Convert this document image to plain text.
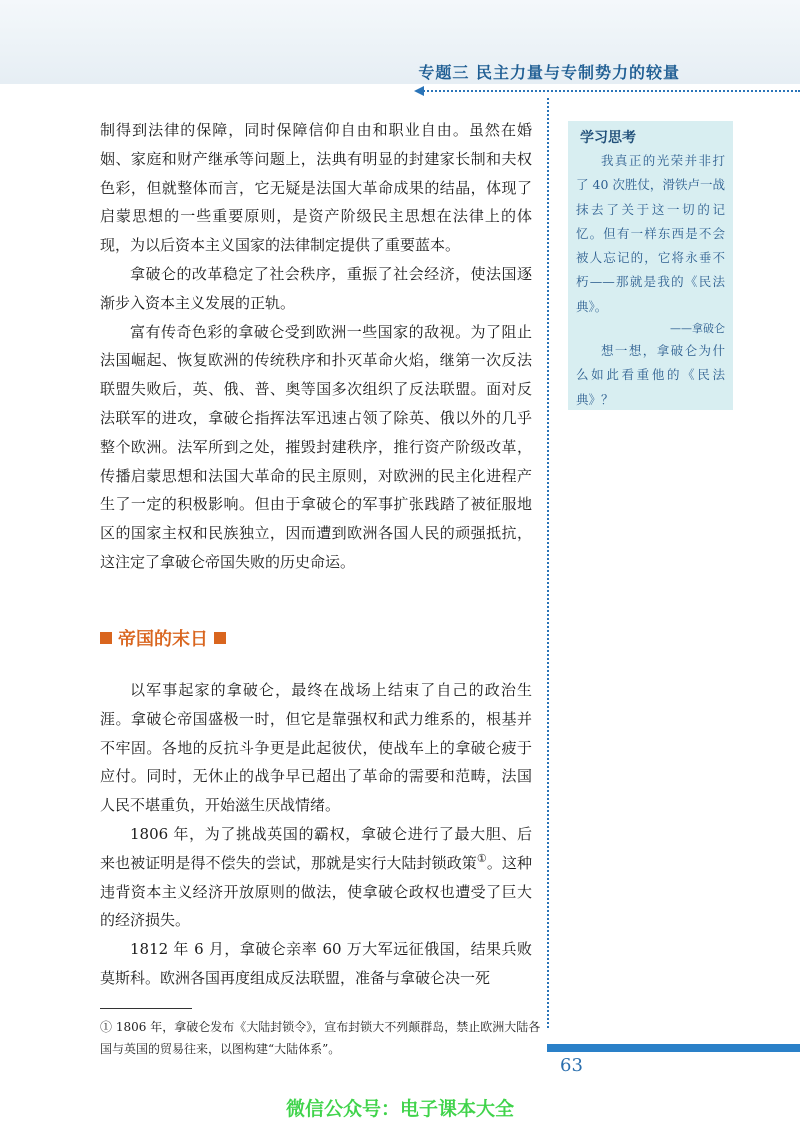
专题三 民主力量与专制势力的较量

制得到法律的保障，同时保障信仰自由和职业自由。虽然在婚姻、家庭和财产继承等问题上，法典有明显的封建家长制和夫权色彩，但就整体而言，它无疑是法国大革命成果的结晶，体现了启蒙思想的一些重要原则，是资产阶级民主思想在法律上的体现，为以后资本主义国家的法律制定提供了重要蓝本。

拿破仑的改革稳定了社会秩序，重振了社会经济，使法国逐渐步入资本主义发展的正轨。

富有传奇色彩的拿破仑受到欧洲一些国家的敌视。为了阻止法国崛起、恢复欧洲的传统秩序和扑灭革命火焰，继第一次反法联盟失败后，英、俄、普、奥等国多次组织了反法联盟。面对反法联军的进攻，拿破仑指挥法军迅速占领了除英、俄以外的几乎整个欧洲。法军所到之处，摧毁封建秩序，推行资产阶级改革，传播启蒙思想和法国大革命的民主原则，对欧洲的民主化进程产生了一定的积极影响。但由于拿破仑的军事扩张践踏了被征服地区的国家主权和民族独立，因而遭到欧洲各国人民的顽强抵抗，这注定了拿破仑帝国失败的历史命运。

帝国的末日

以军事起家的拿破仑，最终在战场上结束了自己的政治生涯。拿破仑帝国盛极一时，但它是靠强权和武力维系的，根基并不牢固。各地的反抗斗争更是此起彼伏，使战车上的拿破仑疲于应付。同时，无休止的战争早已超出了革命的需要和范畴，法国人民不堪重负，开始滋生厌战情绪。

1806 年，为了挑战英国的霸权，拿破仑进行了最大胆、后来也被证明是得不偿失的尝试，那就是实行大陆封锁政策①。这种违背资本主义经济开放原则的做法，使拿破仑政权也遭受了巨大的经济损失。

1812 年 6 月，拿破仑亲率 60 万大军远征俄国，结果兵败莫斯科。欧洲各国再度组成反法联盟，准备与拿破仑决一死

学习思考

我真正的光荣并非打了 40 次胜仗，滑铁卢一战抹去了关于这一切的记忆。但有一样东西是不会被人忘记的，它将永垂不朽——那就是我的《民法典》。

——拿破仑

想一想，拿破仑为什么如此看重他的《民法典》？

① 1806 年，拿破仑发布《大陆封锁令》，宣布封锁大不列颠群岛，禁止欧洲大陆各国与英国的贸易往来，以图构建“大陆体系”。
63
微信公众号：电子课本大全
